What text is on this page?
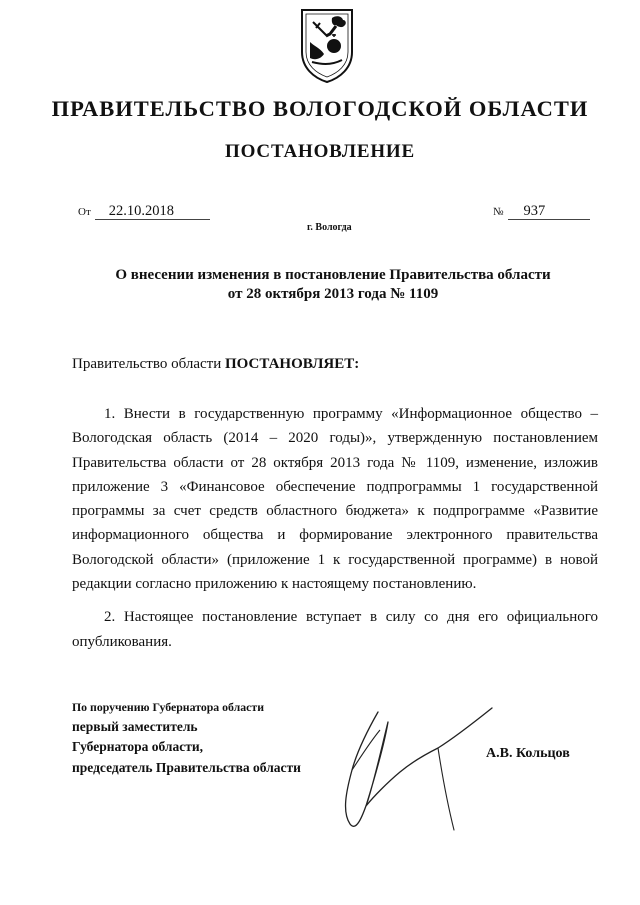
ПРАВИТЕЛЬСТВО ВОЛОГОДСКОЙ ОБЛАСТИ
ПОСТАНОВЛЕНИЕ
От 22.10.2018	№ 937
г. Вологда
О внесении изменения в постановление Правительства области
от 28 октября 2013 года № 1109
Правительство области ПОСТАНОВЛЯЕТ:

1. Внести в государственную программу «Информационное общество – Вологодская область (2014 – 2020 годы)», утвержденную постановлением Правительства области от 28 октября 2013 года № 1109, изменение, изложив приложение 3 «Финансовое обеспечение подпрограммы 1 государственной программы за счет средств областного бюджета» к подпрограмме «Развитие информационного общества и формирование электронного правительства Вологодской области» (приложение 1 к государственной программе) в новой редакции согласно приложению к настоящему постановлению.

2. Настоящее постановление вступает в силу со дня его официального опубликования.

По поручению Губернатора области
первый заместитель
Губернатора области,
председатель Правительства области
А.В. Кольцов
